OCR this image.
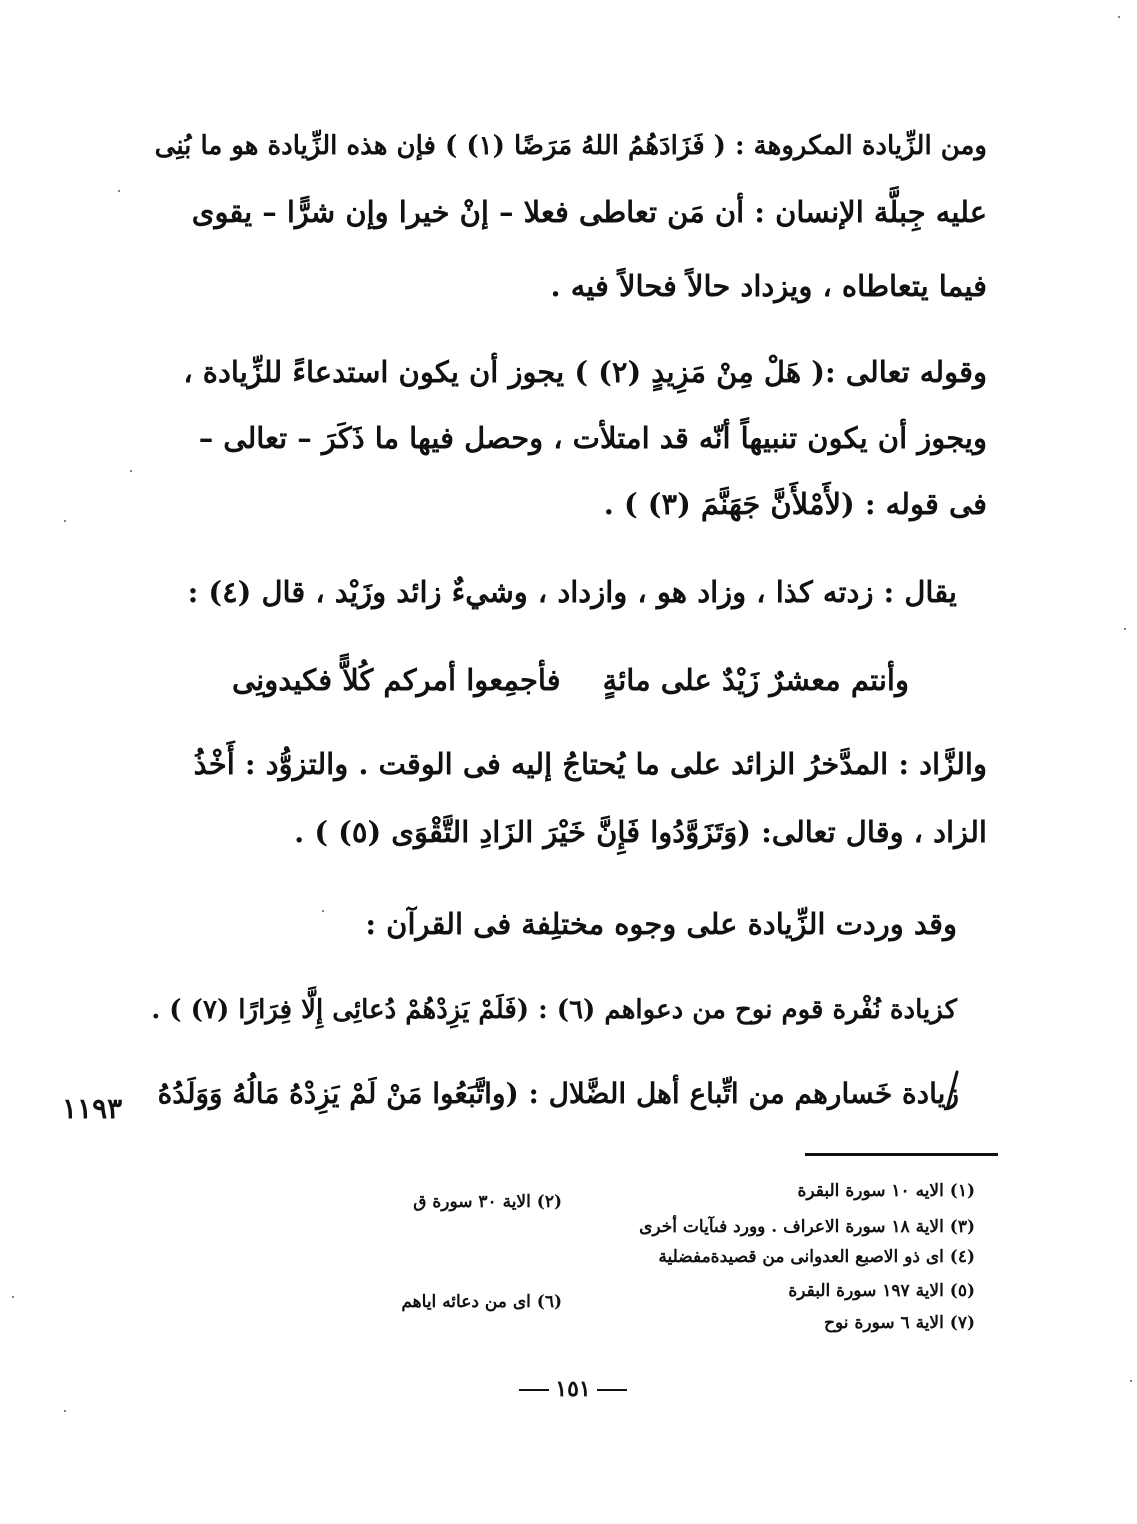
ومن الزِّيادة المكروهة : ( فَزَادَهُمُ اللهُ مَرَضًا (١) ) فإن هذه الزِّيادة هو ما بُنِى
عليه جِبلَّة الإنسان : أن مَن تعاطى فعلا – إنْ خيرا وإن شرًّا – يقوى
فيما يتعاطاه ، ويزداد حالاً فحالاً فيه .
وقوله تعالى :( هَلْ مِنْ مَزِيدٍ (٢) ) يجوز أن يكون استدعاءً للزِّيادة ،
ويجوز أن يكون تنبيهاً أنّه قد امتلأت ، وحصل فيها ما ذَكَرَ – تعالى –
فى قوله : (لأَمْلأَنَّ جَهَنَّمَ (٣) ) .
يقال : زدته كذا ، وزاد هو ، وازداد ، وشيءٌ زائد وزَيْد ، قال (٤) :
وأنتم معشرٌ زَيْدٌ على مائةٍ
فأجمِعوا أمركم كُلاًّ فكيدونِى
والزَّاد : المدَّخرُ الزائد على ما يُحتاجُ إليه فى الوقت . والتزوُّد : أَخْذُ
الزاد ، وقال تعالى: (وَتَزَوَّدُوا فَإِنَّ خَيْرَ الزَادِ التَّقْوَى (٥) ) .
وقد وردت الزِّيادة على وجوه مختلِفة فى القرآن :
كزيادة نُفْرة قوم نوح من دعواهم (٦) : (فَلَمْ يَزِدْهُمْ دُعائِى إِلَّا فِرَارًا (٧) ) .
زيادة خَسارهم من اتِّباع أهل الضَّلال : (واتَّبَعُوا مَنْ لَمْ يَزِدْهُ مَالُهُ وَوَلَدُهُ
١١٩٣
(١) الايه ١٠ سورة البقرة
(٢) الاية ٣٠ سورة ق
(٣) الاية ١٨ سورة الاعراف . وورد فىآيات أخرى
(٤) اى ذو الاصبع العدوانى من قصيدةمفضلية
(٥) الاية ١٩٧ سورة البقرة
(٦) اى من دعائه اياهم
(٧) الاية ٦ سورة نوح
١٥١
